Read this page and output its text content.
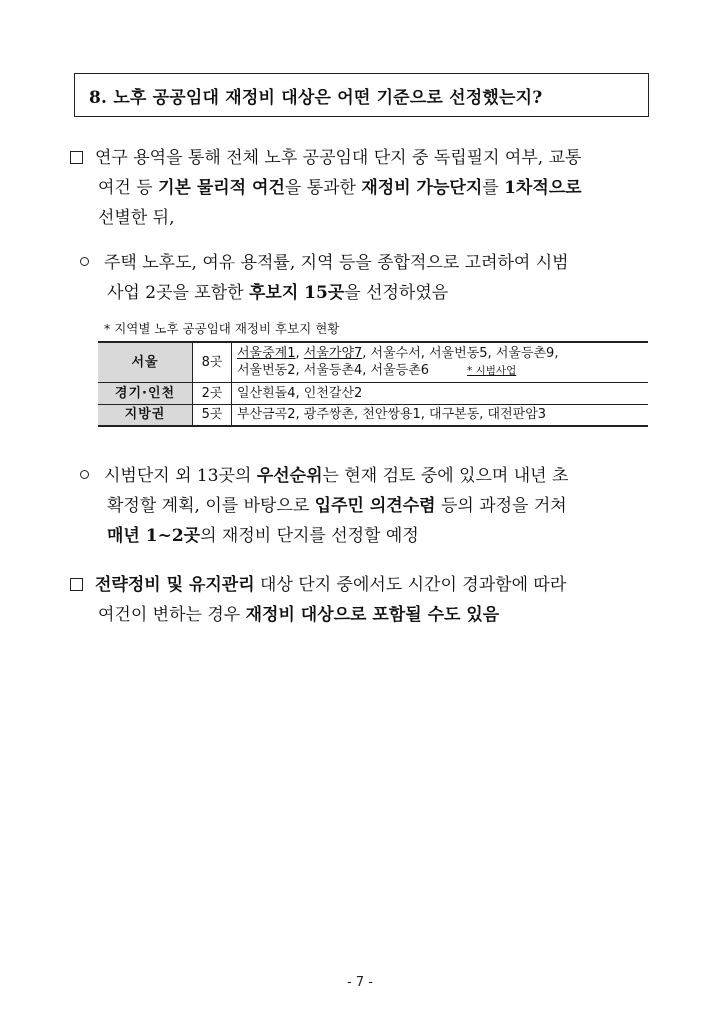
8. 노후 공공임대 재정비 대상은 어떤 기준으로 선정했는지?
연구 용역을 통해 전체 노후 공공임대 단지 중 독립필지 여부, 교통
여건 등 기본 물리적 여건을 통과한 재정비 가능단지를 1차적으로
선별한 뒤,
주택 노후도, 여유 용적률, 지역 등을 종합적으로 고려하여 시범
사업 2곳을 포함한 후보지 15곳을 선정하였음
* 지역별 노후 공공임대 재정비 후보지 현황
서울	8곳	서울중계1, 서울가양7, 서울수서, 서울번동5, 서울등촌9,
서울번동2, 서울등촌4, 서울등촌6 * 시범사업

경기·인천	2곳	일산흰돌4, 인천갈산2
지방권	5곳	부산금곡2, 광주쌍촌, 천안쌍용1, 대구본동, 대전판암3
시범단지 외 13곳의 우선순위는 현재 검토 중에 있으며 내년 초
확정할 계획, 이를 바탕으로 입주민 의견수렴 등의 과정을 거쳐
매년 1~2곳의 재정비 단지를 선정할 예정
전략정비 및 유지관리 대상 단지 중에서도 시간이 경과함에 따라
여건이 변하는 경우 재정비 대상으로 포함될 수도 있음
- 7 -
